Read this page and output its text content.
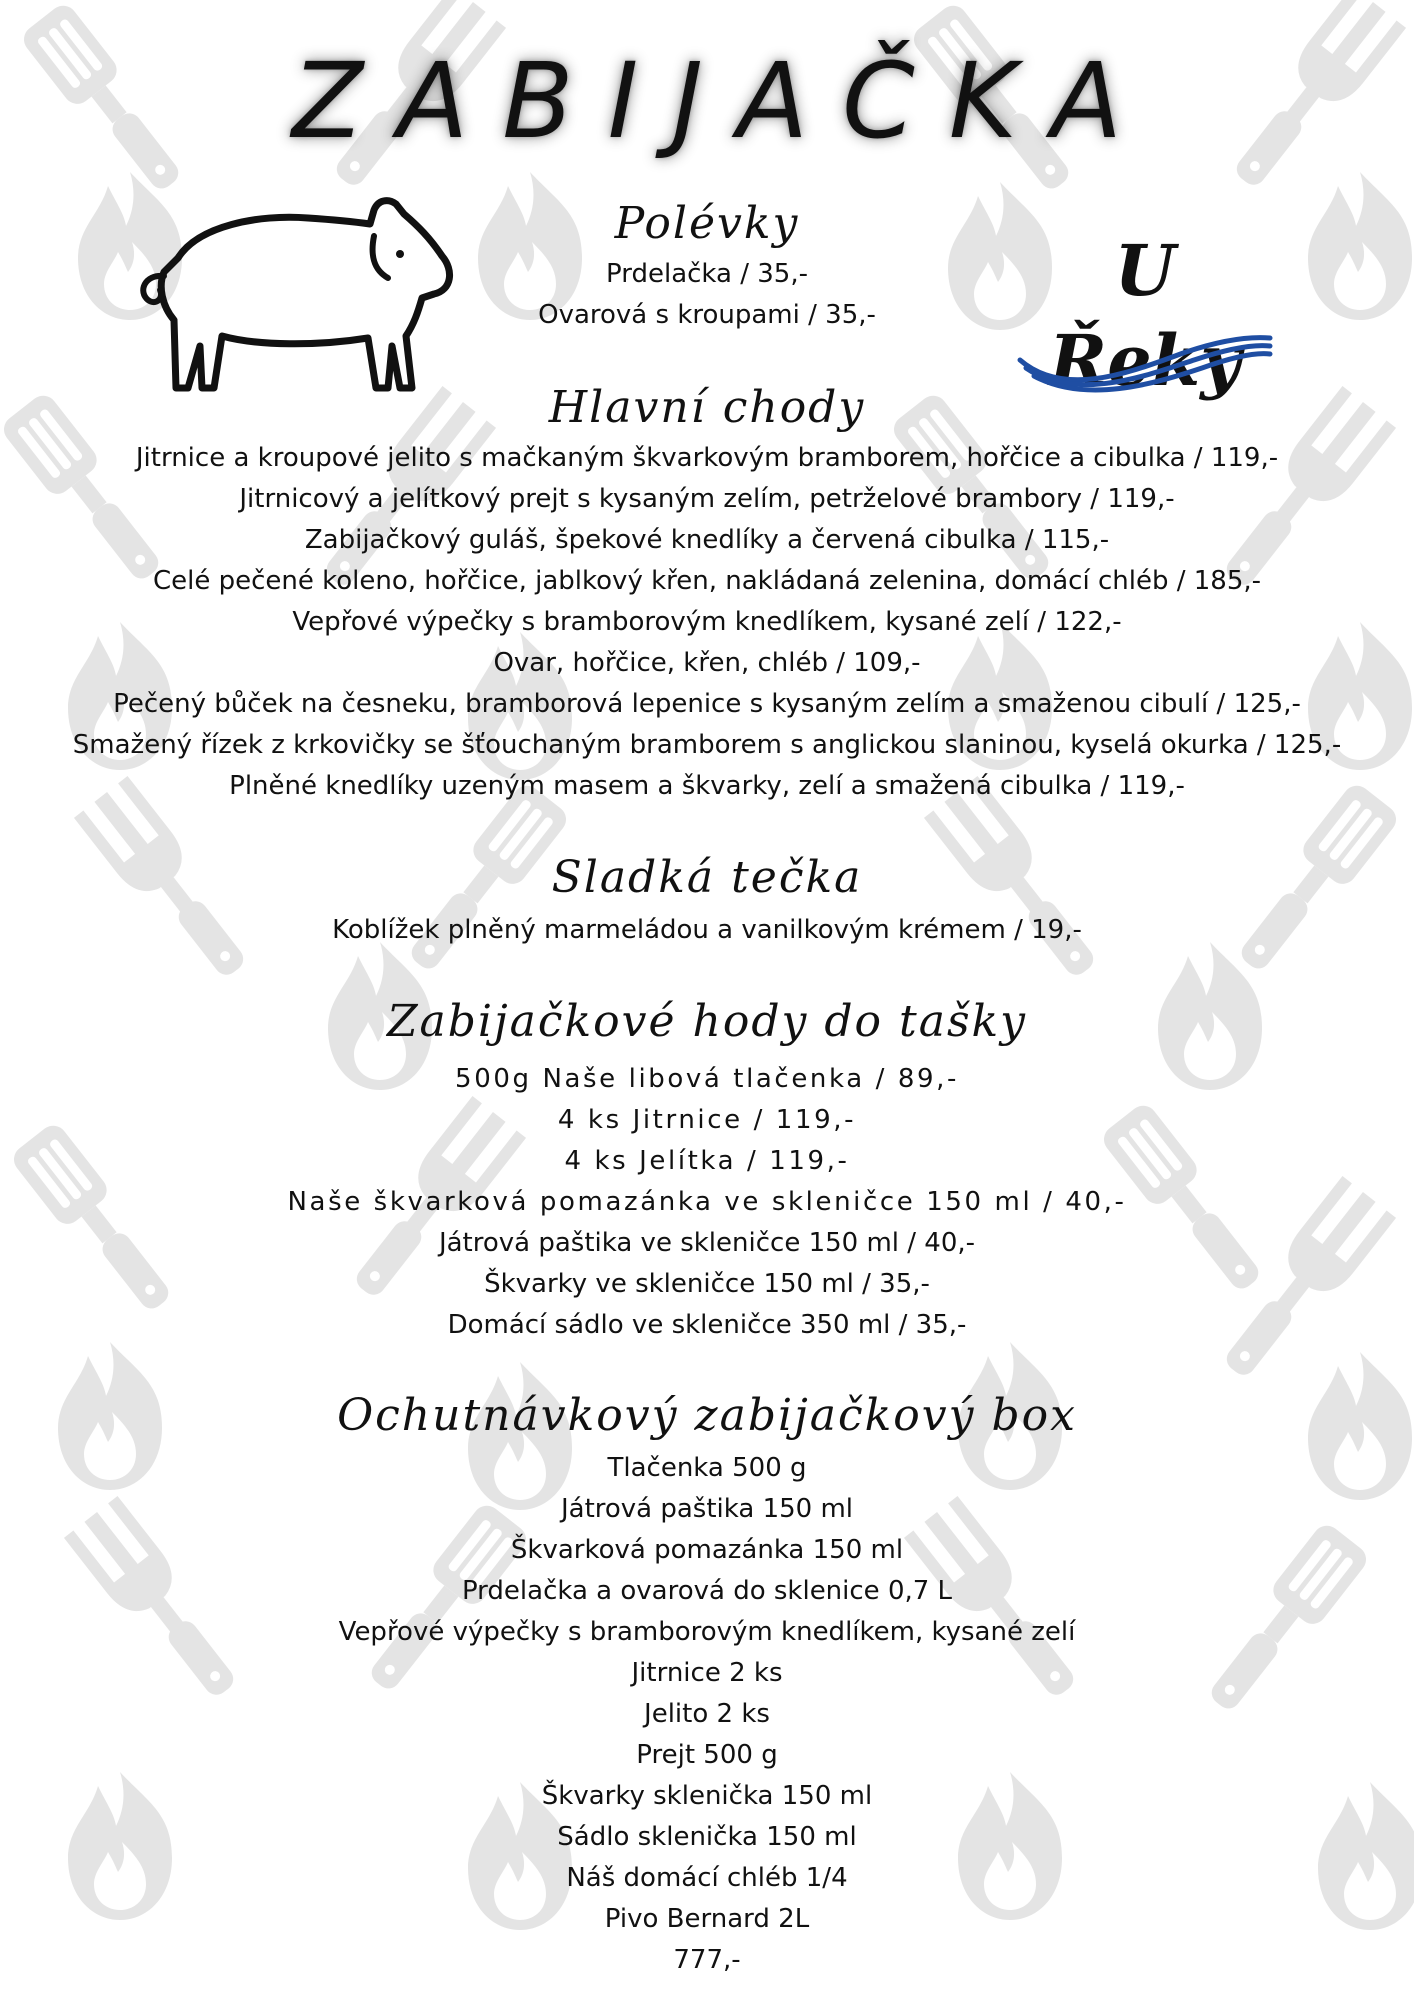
ZABIJAČKA
U Řeky
Polévky
Prdelačka / 35,-
Ovarová s kroupami / 35,-
Hlavní chody
Jitrnice a kroupové jelito s mačkaným škvarkovým bramborem, hořčice a cibulka / 119,-
Jitrnicový a jelítkový prejt s kysaným zelím, petrželové brambory / 119,-
Zabijačkový guláš, špekové knedlíky a červená cibulka / 115,-
Celé pečené koleno, hořčice, jablkový křen, nakládaná zelenina, domácí chléb / 185,-
Vepřové výpečky s bramborovým knedlíkem, kysané zelí / 122,-
Ovar, hořčice, křen, chléb / 109,-
Pečený bůček na česneku, bramborová lepenice s kysaným zelím a smaženou cibulí / 125,-
Smažený řízek z krkovičky se šťouchaným bramborem s anglickou slaninou, kyselá okurka / 125,-
Plněné knedlíky uzeným masem a škvarky, zelí a smažená cibulka / 119,-
Sladká tečka
Koblížek plněný marmeládou a vanilkovým krémem / 19,-
Zabijačkové hody do tašky
500g Naše libová tlačenka / 89,-
4 ks Jitrnice / 119,-
4 ks Jelítka / 119,-
Naše škvarková pomazánka ve skleničce 150 ml / 40,-
Játrová paštika ve skleničce 150 ml / 40,-
Škvarky ve skleničce 150 ml / 35,-
Domácí sádlo ve skleničce 350 ml / 35,-
Ochutnávkový zabijačkový box
Tlačenka 500 g
Játrová paštika 150 ml
Škvarková pomazánka 150 ml
Prdelačka a ovarová do sklenice 0,7 L
Vepřové výpečky s bramborovým knedlíkem, kysané zelí
Jitrnice 2 ks
Jelito 2 ks
Prejt 500 g
Škvarky sklenička 150 ml
Sádlo sklenička 150 ml
Náš domácí chléb 1/4
Pivo Bernard 2L
777,-
